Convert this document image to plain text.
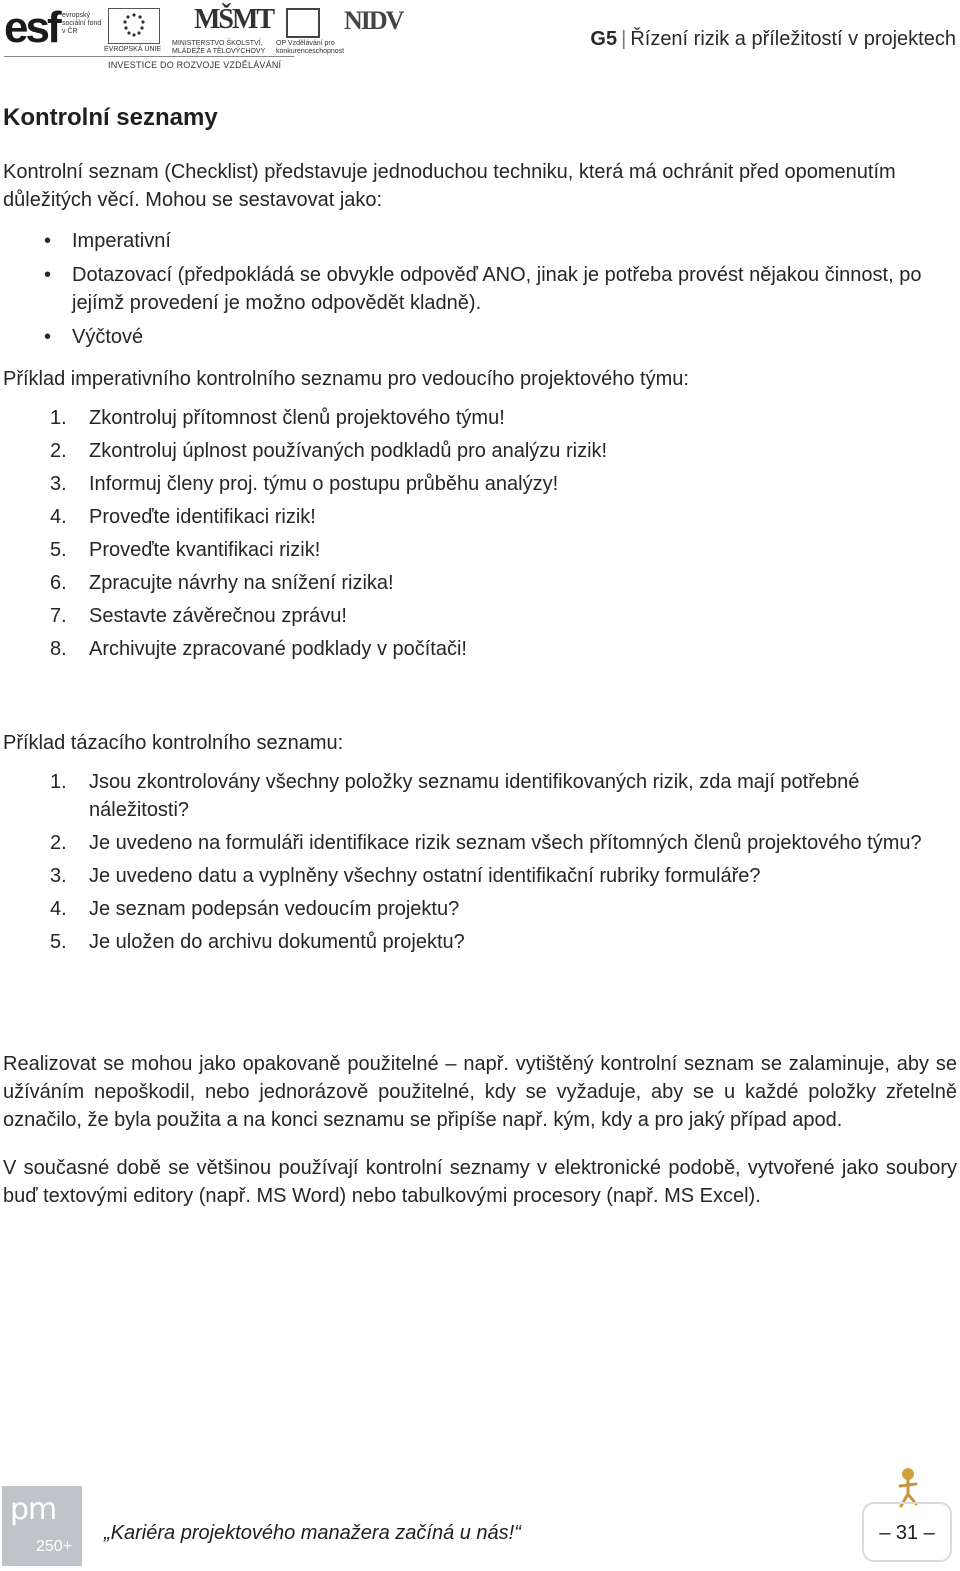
esf evropský sociální fond v ČR
EVROPSKÁ UNIE
MŠMT
MINISTERSTVO ŠKOLSTVÍ, MLÁDEŽE A TĚLOVÝCHOVY
OP Vzdělávání pro konkurenceschopnost
NIDV
INVESTICE DO ROZVOJE VZDĚLÁVÁNÍ
G5 | Řízení rizik a příležitostí v projektech
Kontrolní seznamy

Kontrolní seznam (Checklist) představuje jednoduchou techniku, která má ochránit před opomenutím důležitých věcí. Mohou se sestavovat jako:

• Imperativní
• Dotazovací (předpokládá se obvykle odpověď ANO, jinak je potřeba provést nějakou činnost, po jejímž provedení je možno odpovědět kladně).
• Výčtové

Příklad imperativního kontrolního seznamu pro vedoucího projektového týmu:

1. Zkontroluj přítomnost členů projektového týmu!
2. Zkontroluj úplnost používaných podkladů pro analýzu rizik!
3. Informuj členy proj. týmu o postupu průběhu analýzy!
4. Proveďte identifikaci rizik!
5. Proveďte kvantifikaci rizik!
6. Zpracujte návrhy na snížení rizika!
7. Sestavte závěrečnou zprávu!
8. Archivujte zpracované podklady v počítači!

Příklad tázacího kontrolního seznamu:

1. Jsou zkontrolovány všechny položky seznamu identifikovaných rizik, zda mají potřebné náležitosti?
2. Je uvedeno na formuláři identifikace rizik seznam všech přítomných členů projektového týmu?
3. Je uvedeno datu a vyplněny všechny ostatní identifikační rubriky formuláře?
4. Je seznam podepsán vedoucím projektu?
5. Je uložen do archivu dokumentů projektu?

Realizovat se mohou jako opakovaně použitelné – např. vytištěný kontrolní seznam se zalaminuje, aby se užíváním nepoškodil, nebo jednorázově použitelné, kdy se vyžaduje, aby se u každé položky zřetelně označilo, že byla použita a na konci seznamu se připíše např. kým, kdy a pro jaký případ apod.

V současné době se většinou používají kontrolní seznamy v elektronické podobě, vytvořené jako soubory buď textovými editory (např. MS Word) nebo tabulkovými procesory (např. MS Excel).

pm
250+
„Kariéra projektového manažera začíná u nás!“	– 31 –
